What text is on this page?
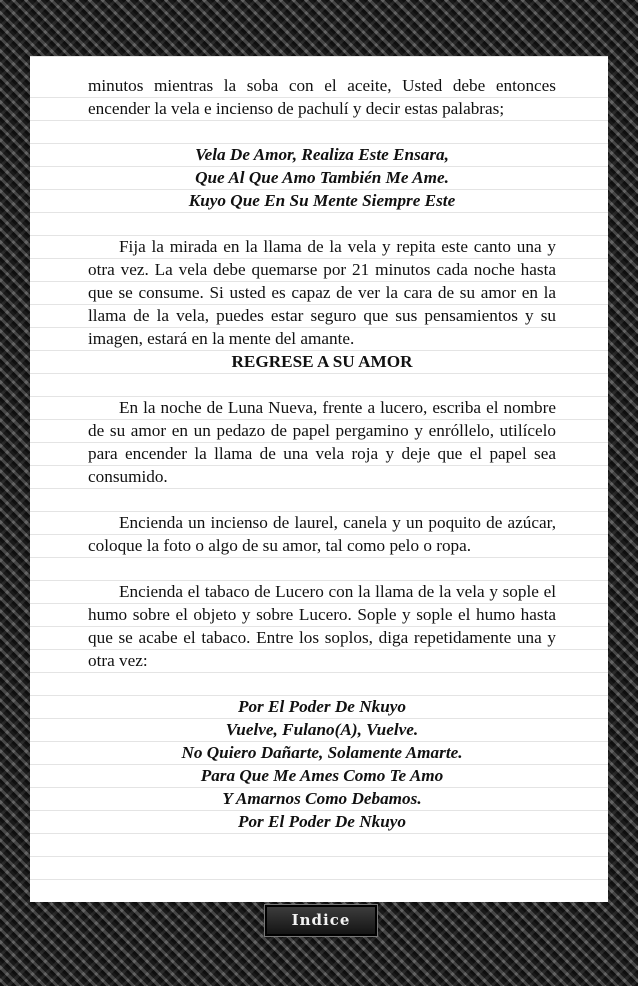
minutos mientras la soba con el aceite, Usted debe entonces encender la vela e incienso de pachulí y decir estas palabras;

Vela De Amor, Realiza Este Ensara,
Que Al Que Amo También Me Ame.
Kuyo Que En Su Mente Siempre Este

Fija la mirada en la llama de la vela y repita este canto una y otra vez. La vela debe quemarse por 21 minutos cada noche hasta que se consume. Si usted es capaz de ver la cara de su amor en la llama de la vela, puedes estar seguro que sus pensamientos y su imagen, estará en la mente del amante.

REGRESE A SU AMOR

En la noche de Luna Nueva, frente a lucero, escriba el nombre de su amor en un pedazo de papel pergamino y enróllelo, utilícelo para encender la llama de una vela roja y deje que el papel sea consumido.

Encienda un incienso de laurel, canela y un poquito de azúcar, coloque la foto o algo de su amor, tal como pelo o ropa.

Encienda el tabaco de Lucero con la llama de la vela y sople el humo sobre el objeto y sobre Lucero. Sople y sople el humo hasta que se acabe el tabaco. Entre los soplos, diga repetidamente una y otra vez:

Por El Poder De Nkuyo
Vuelve, Fulano(A), Vuelve.
No Quiero Dañarte, Solamente Amarte.
Para Que Me Ames Como Te Amo
Y Amarnos Como Debamos.
Por El Poder De Nkuyo
Indice
